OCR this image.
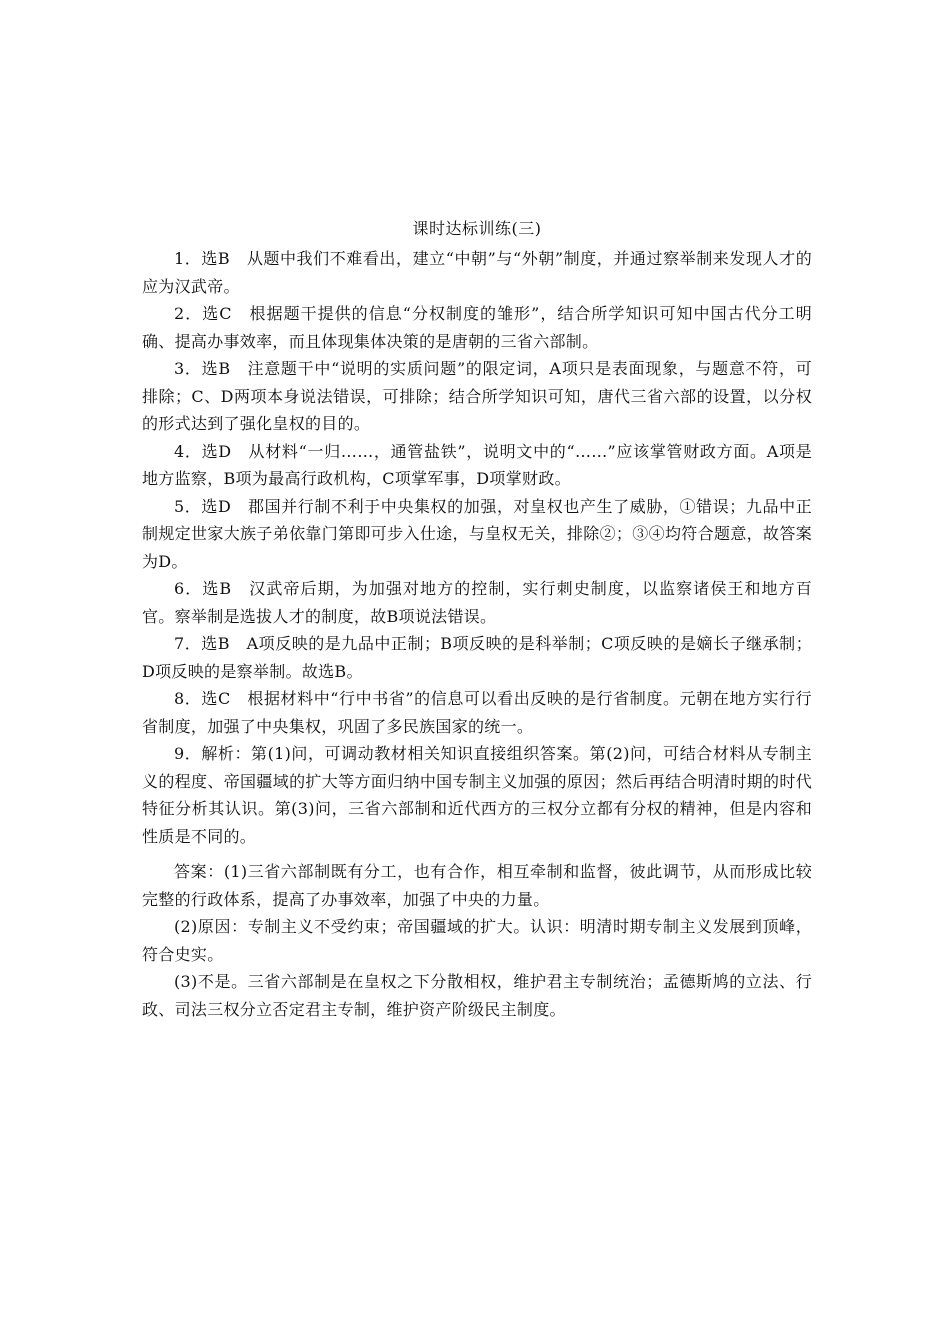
课时达标训练(三)

1．选B　从题中我们不难看出，建立“中朝”与“外朝”制度，并通过察举制来发现人才的应为汉武帝。

2．选C　根据题干提供的信息“分权制度的雏形”，结合所学知识可知中国古代分工明确、提高办事效率，而且体现集体决策的是唐朝的三省六部制。

3．选B　注意题干中“说明的实质问题”的限定词，A项只是表面现象，与题意不符，可排除；C、D两项本身说法错误，可排除；结合所学知识可知，唐代三省六部的设置，以分权的形式达到了强化皇权的目的。

4．选D　从材料“一归……，通管盐铁”，说明文中的“……”应该掌管财政方面。A项是地方监察，B项为最高行政机构，C项掌军事，D项掌财政。

5．选D　郡国并行制不利于中央集权的加强，对皇权也产生了威胁，①错误；九品中正制规定世家大族子弟依靠门第即可步入仕途，与皇权无关，排除②；③④均符合题意，故答案为D。

6．选B　汉武帝后期，为加强对地方的控制，实行刺史制度，以监察诸侯王和地方百官。察举制是选拔人才的制度，故B项说法错误。

7．选B　A项反映的是九品中正制；B项反映的是科举制；C项反映的是嫡长子继承制；D项反映的是察举制。故选B。

8．选C　根据材料中“行中书省”的信息可以看出反映的是行省制度。元朝在地方实行行省制度，加强了中央集权，巩固了多民族国家的统一。

9．解析：第(1)问，可调动教材相关知识直接组织答案。第(2)问，可结合材料从专制主义的程度、帝国疆域的扩大等方面归纳中国专制主义加强的原因；然后再结合明清时期的时代特征分析其认识。第(3)问，三省六部制和近代西方的三权分立都有分权的精神，但是内容和性质是不同的。

答案：(1)三省六部制既有分工，也有合作，相互牵制和监督，彼此调节，从而形成比较完整的行政体系，提高了办事效率，加强了中央的力量。

(2)原因：专制主义不受约束；帝国疆域的扩大。认识：明清时期专制主义发展到顶峰，符合史实。

(3)不是。三省六部制是在皇权之下分散相权，维护君主专制统治；孟德斯鸠的立法、行政、司法三权分立否定君主专制，维护资产阶级民主制度。
